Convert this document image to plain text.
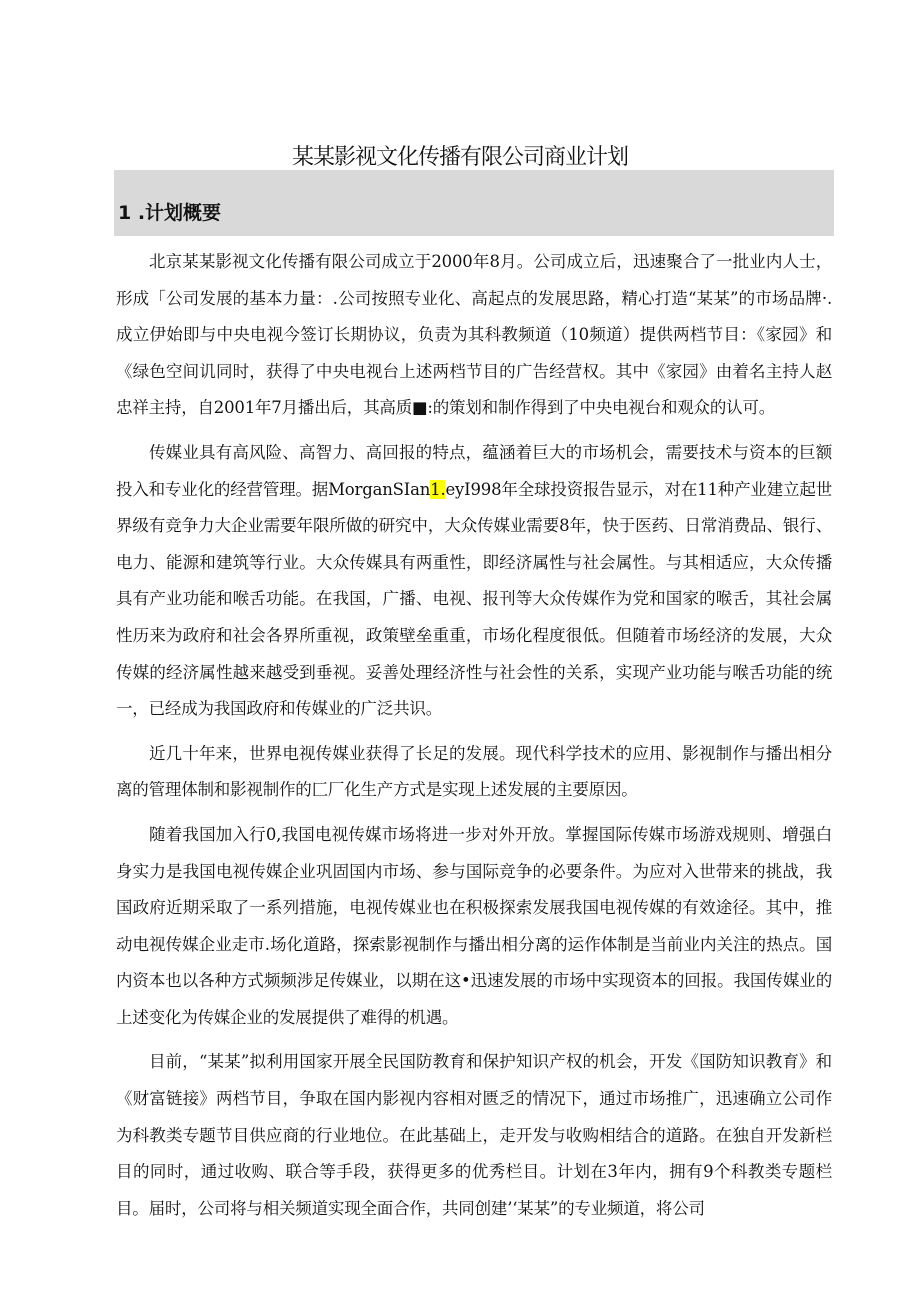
某某影视文化传播有限公司商业计划
1 .计划概要

北京某某影视文化传播有限公司成立于2000年8月。公司成立后，迅速聚合了一批业内人士，形成「公司发展的基本力量：.公司按照专业化、高起点的发展思路，精心打造“某某”的市场品牌·.成立伊始即与中央电视今签订长期协议，负责为其科教频道（10频道）提供两档节目：《家园》和《绿色空间讥同时，获得了中央电视台上述两档节目的广告经营权。其中《家园》由着名主持人赵忠祥主持，自2001年7月播出后，其高质■:的策划和制作得到了中央电视台和观众的认可。

传媒业具有高风险、高智力、高回报的特点，蕴涵着巨大的市场机会，需要技术与资本的巨额投入和专业化的经营管理。据MorganSIan1.eyI998年全球投资报告显示，对在11种产业建立起世界级有竞争力大企业需要年限所做的研究中，大众传媒业需要8年，快于医药、日常消费品、银行、电力、能源和建筑等行业。大众传媒具有两重性，即经济属性与社会属性。与其相适应，大众传播具有产业功能和喉舌功能。在我国，广播、电视、报刊等大众传媒作为党和国家的喉舌，其社会属性历来为政府和社会各界所重视，政策壁垒重重，市场化程度很低。但随着市场经济的发展，大众传媒的经济属性越来越受到垂视。妥善处理经济性与社会性的关系，实现产业功能与喉舌功能的统一，已经成为我国政府和传媒业的广泛共识。

近几十年来，世界电视传媒业获得了长足的发展。现代科学技术的应用、影视制作与播出相分离的管理体制和影视制作的匚厂化生产方式是实现上述发展的主要原因。

随着我国加入行0,我国电视传媒市场将进一步对外开放。掌握国际传媒市场游戏规则、增强白身实力是我国电视传媒企业巩固国内市场、参与国际竞争的必要条件。为应对入世带来的挑战，我国政府近期采取了一系列措施，电视传媒业也在积极探索发展我国电视传媒的有效途径。其中，推动电视传媒企业走市.场化道路，探索影视制作与播出相分离的运作体制是当前业内关注的热点。国内资本也以各种方式频频涉足传媒业，以期在这•迅速发展的市场中实现资本的回报。我国传媒业的上述变化为传媒企业的发展提供了难得的机遇。

目前，“某某”拟利用国家开展全民国防教育和保护知识产权的机会，开发《国防知识教育》和《财富链接》两档节目，争取在国内影视内容相对匮乏的情况下，通过市场推广，迅速确立公司作为科教类专题节目供应商的行业地位。在此基础上，走开发与收购相结合的道路。在独自开发新栏目的同时，通过收购、联合等手段，获得更多的优秀栏目。计划在3年内，拥有9个科教类专题栏目。届时，公司将与相关频道实现全面合作，共同创建’‘某某”的专业频道，将公司
